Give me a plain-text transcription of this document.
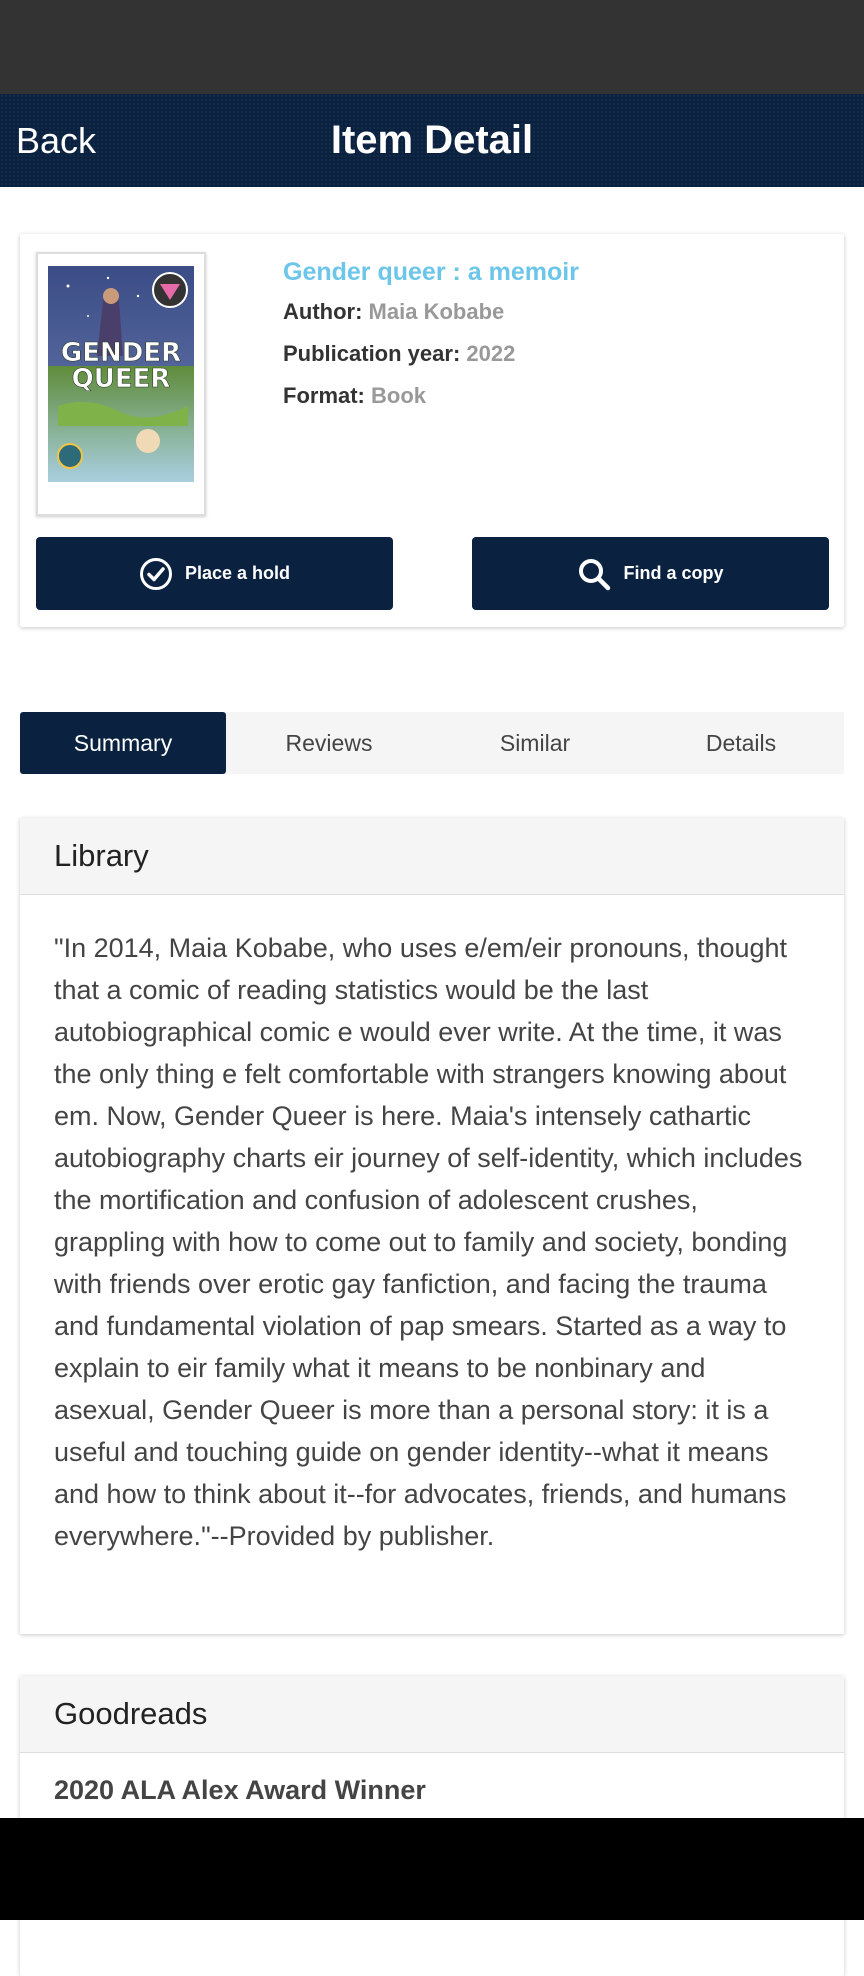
Back	Item Detail
GENDER
QUEER
Gender queer : a memoir
Author: Maia Kobabe
Publication year: 2022
Format: Book
Place a hold	Find a copy
Summary	Reviews	Similar	Details
Library
"In 2014, Maia Kobabe, who uses e/em/eir pronouns, thought that a comic of reading statistics would be the last autobiographical comic e would ever write. At the time, it was the only thing e felt comfortable with strangers knowing about em. Now, Gender Queer is here. Maia's intensely cathartic autobiography charts eir journey of self-identity, which includes the mortification and confusion of adolescent crushes, grappling with how to come out to family and society, bonding with friends over erotic gay fanfiction, and facing the trauma and fundamental violation of pap smears. Started as a way to explain to eir family what it means to be nonbinary and asexual, Gender Queer is more than a personal story: it is a useful and touching guide on gender identity--what it means and how to think about it--for advocates, friends, and humans everywhere."--Provided by publisher.
Goodreads
2020 ALA Alex Award Winner
